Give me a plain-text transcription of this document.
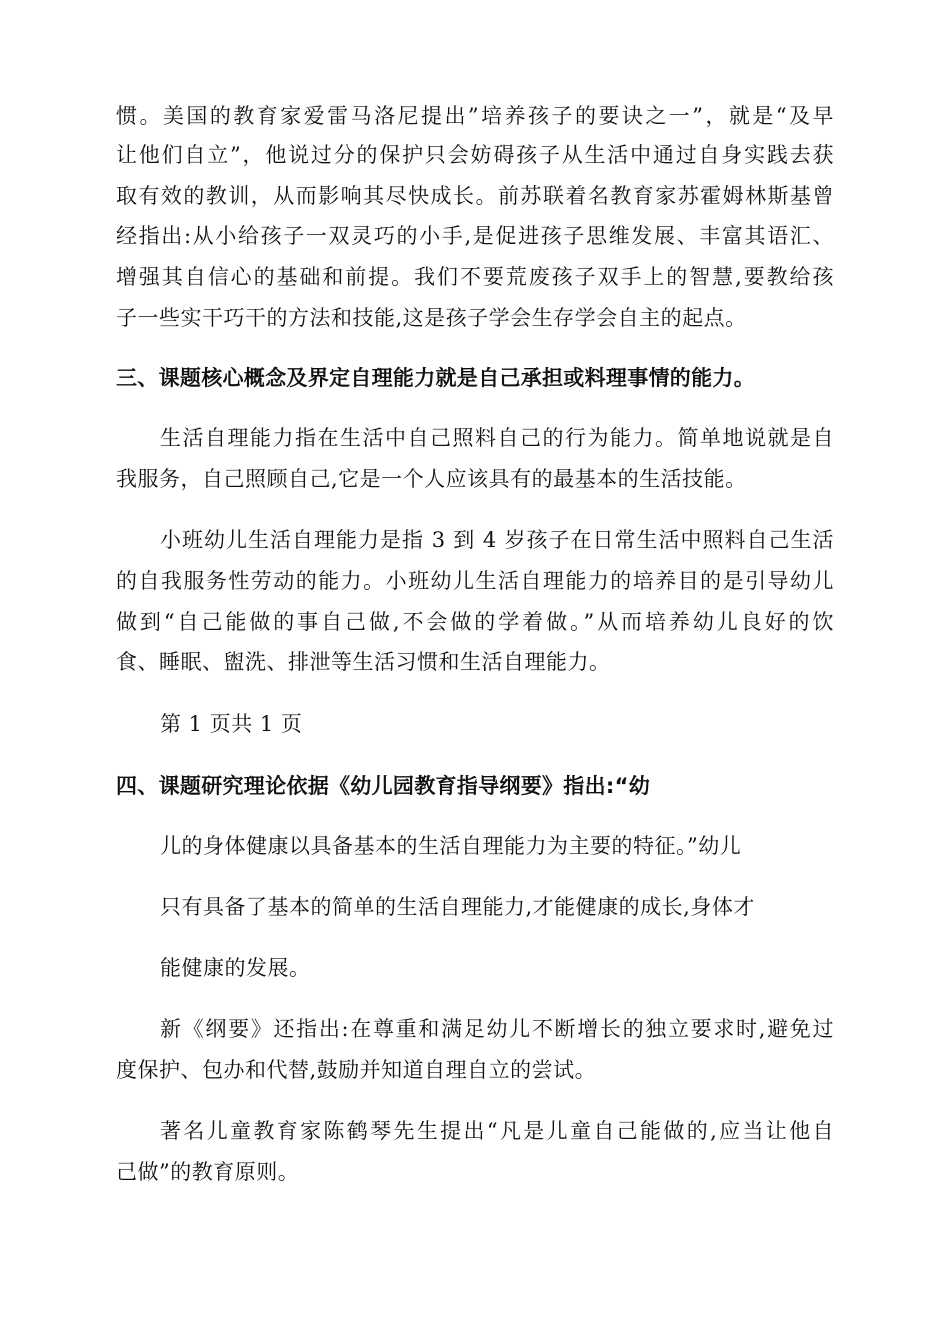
惯。美国的教育家爱雷马洛尼提出”培养孩子的要诀之一”，就是“及早
让他们自立”，他说过分的保护只会妨碍孩子从生活中通过自身实践去获
取有效的教训，从而影响其尽快成长。前苏联着名教育家苏霍姆林斯基曾
经指出:从小给孩子一双灵巧的小手,是促进孩子思维发展、丰富其语汇、
增强其自信心的基础和前提。我们不要荒废孩子双手上的智慧,要教给孩
子一些实干巧干的方法和技能,这是孩子学会生存学会自主的起点。
三、课题核心概念及界定自理能力就是自己承担或料理事情的能力。
生活自理能力指在生活中自己照料自己的行为能力。简单地说就是自
我服务，自己照顾自己,它是一个人应该具有的最基本的生活技能。
小班幼儿生活自理能力是指 3 到 4 岁孩子在日常生活中照料自己生活
的自我服务性劳动的能力。小班幼儿生活自理能力的培养目的是引导幼儿
做到“自己能做的事自己做,不会做的学着做。”从而培养幼儿良好的饮
食、睡眠、盥洗、排泄等生活习惯和生活自理能力。
第 1 页共 1 页
四、课题研究理论依据《幼儿园教育指导纲要》指出:“幼
儿的身体健康以具备基本的生活自理能力为主要的特征。”幼儿
只有具备了基本的简单的生活自理能力,才能健康的成长,身体才
能健康的发展。
新《纲要》还指出:在尊重和满足幼儿不断增长的独立要求时,避免过
度保护、包办和代替,鼓励并知道自理自立的尝试。
著名儿童教育家陈鹤琴先生提出“凡是儿童自己能做的,应当让他自
己做”的教育原则。
